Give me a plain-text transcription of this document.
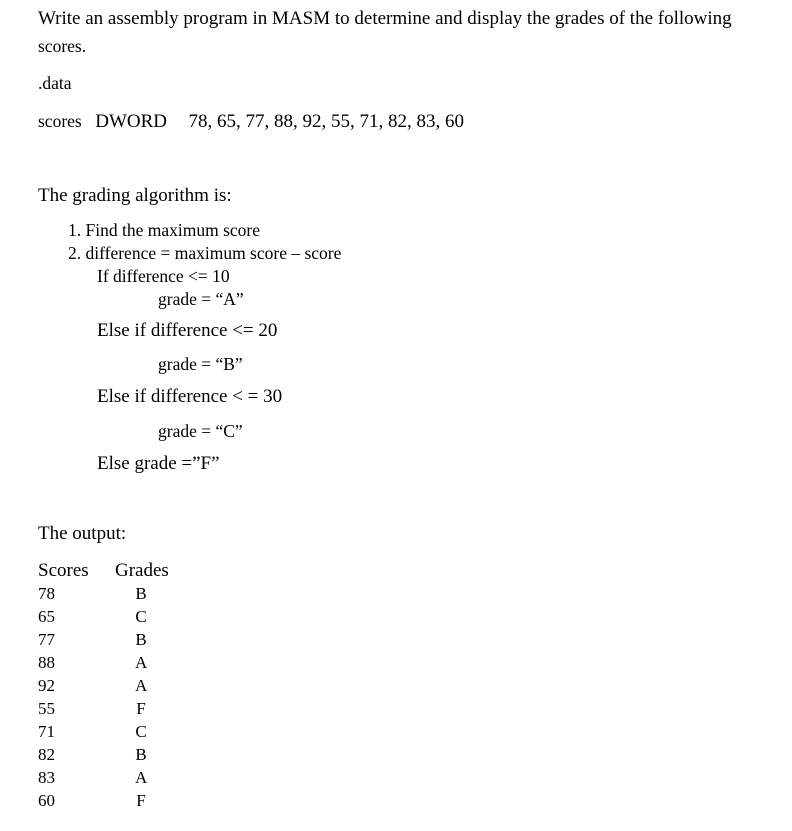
Write an assembly program in MASM to determine and display the grades of the following
scores.
.data
scores DWORD 78, 65, 77, 88, 92, 55, 71, 82, 83, 60
The grading algorithm is:
1. Find the maximum score
2. difference = maximum score – score
If difference <= 10
grade = “A”
Else if difference <= 20
grade = “B”
Else if difference < = 30
grade = “C”
Else grade =”F”
The output:
Scores Grades
78	B
65	C
77	B
88	A
92	A
55	F
71	C
82	B
83	A
60	F
